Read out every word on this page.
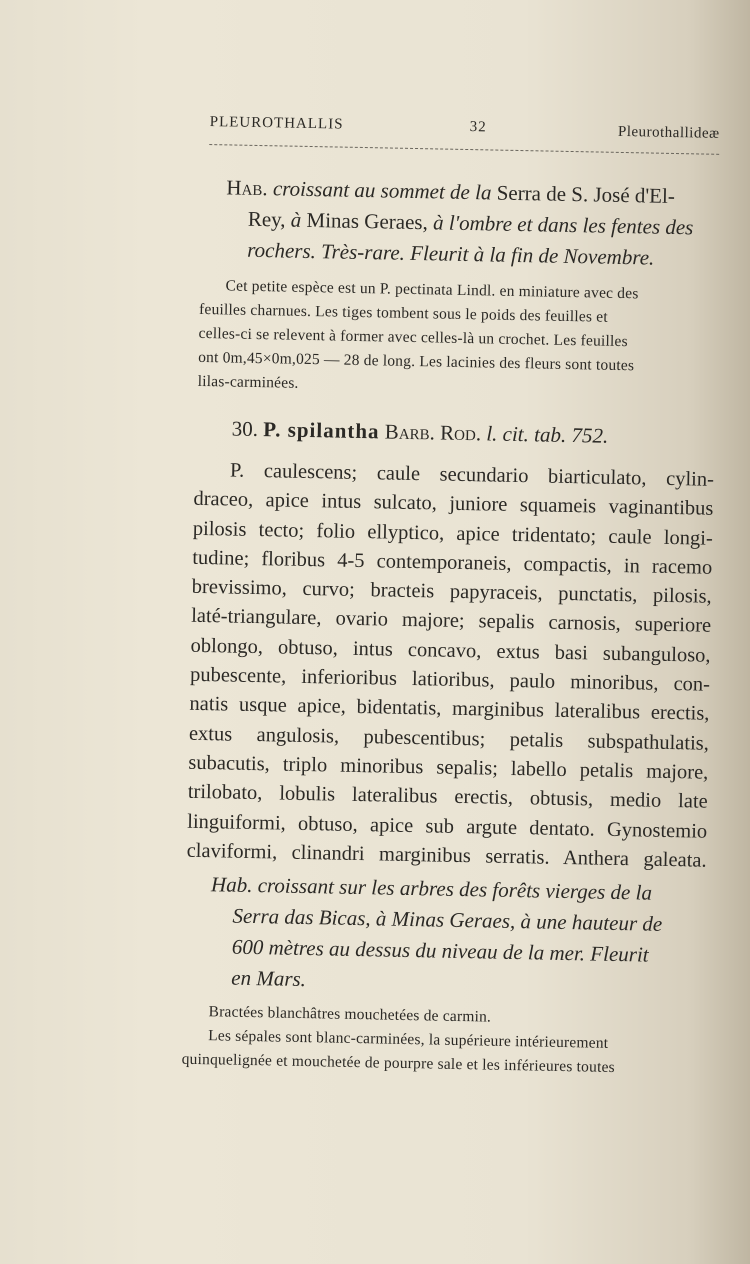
PLEUROTHALLIS	32	Pleurothallideæ
Hab. croissant au sommet de la Serra de S. José d'El-
Rey, à Minas Geraes, à l'ombre et dans les fentes des
rochers. Très-rare. Fleurit à la fin de Novembre.
Cet petite espèce est un P. pectinata Lindl. en miniature avec des
feuilles charnues. Les tiges tombent sous le poids des feuilles et
celles-ci se relevent à former avec celles-là un crochet. Les feuilles
ont 0m,45×0m,025 — 28 de long. Les lacinies des fleurs sont toutes
lilas-carminées.
30. P. spilantha Barb. Rod. l. cit. tab. 752.
P. caulescens; caule secundario biarticulato, cylin-
draceo, apice intus sulcato, juniore squameis vaginantibus
pilosis tecto; folio ellyptico, apice tridentato; caule longi-
tudine; floribus 4-5 contemporaneis, compactis, in racemo
brevissimo, curvo; bracteis papyraceis, punctatis, pilosis,
laté-triangulare, ovario majore; sepalis carnosis, superiore
oblongo, obtuso, intus concavo, extus basi subanguloso,
pubescente, inferioribus latioribus, paulo minoribus, con-
natis usque apice, bidentatis, marginibus lateralibus erectis,
extus angulosis, pubescentibus; petalis subspathulatis,
subacutis, triplo minoribus sepalis; labello petalis majore,
trilobato, lobulis lateralibus erectis, obtusis, medio late
linguiformi, obtuso, apice sub argute dentato. Gynostemio
claviformi, clinandri marginibus serratis. Anthera galeata.
Hab. croissant sur les arbres des forêts vierges de la
Serra das Bicas, à Minas Geraes, à une hauteur de
600 mètres au dessus du niveau de la mer. Fleurit
en Mars.
Bractées blanchâtres mouchetées de carmin.
Les sépales sont blanc-carminées, la supérieure intérieurement
quinquelignée et mouchetée de pourpre sale et les inférieures toutes
